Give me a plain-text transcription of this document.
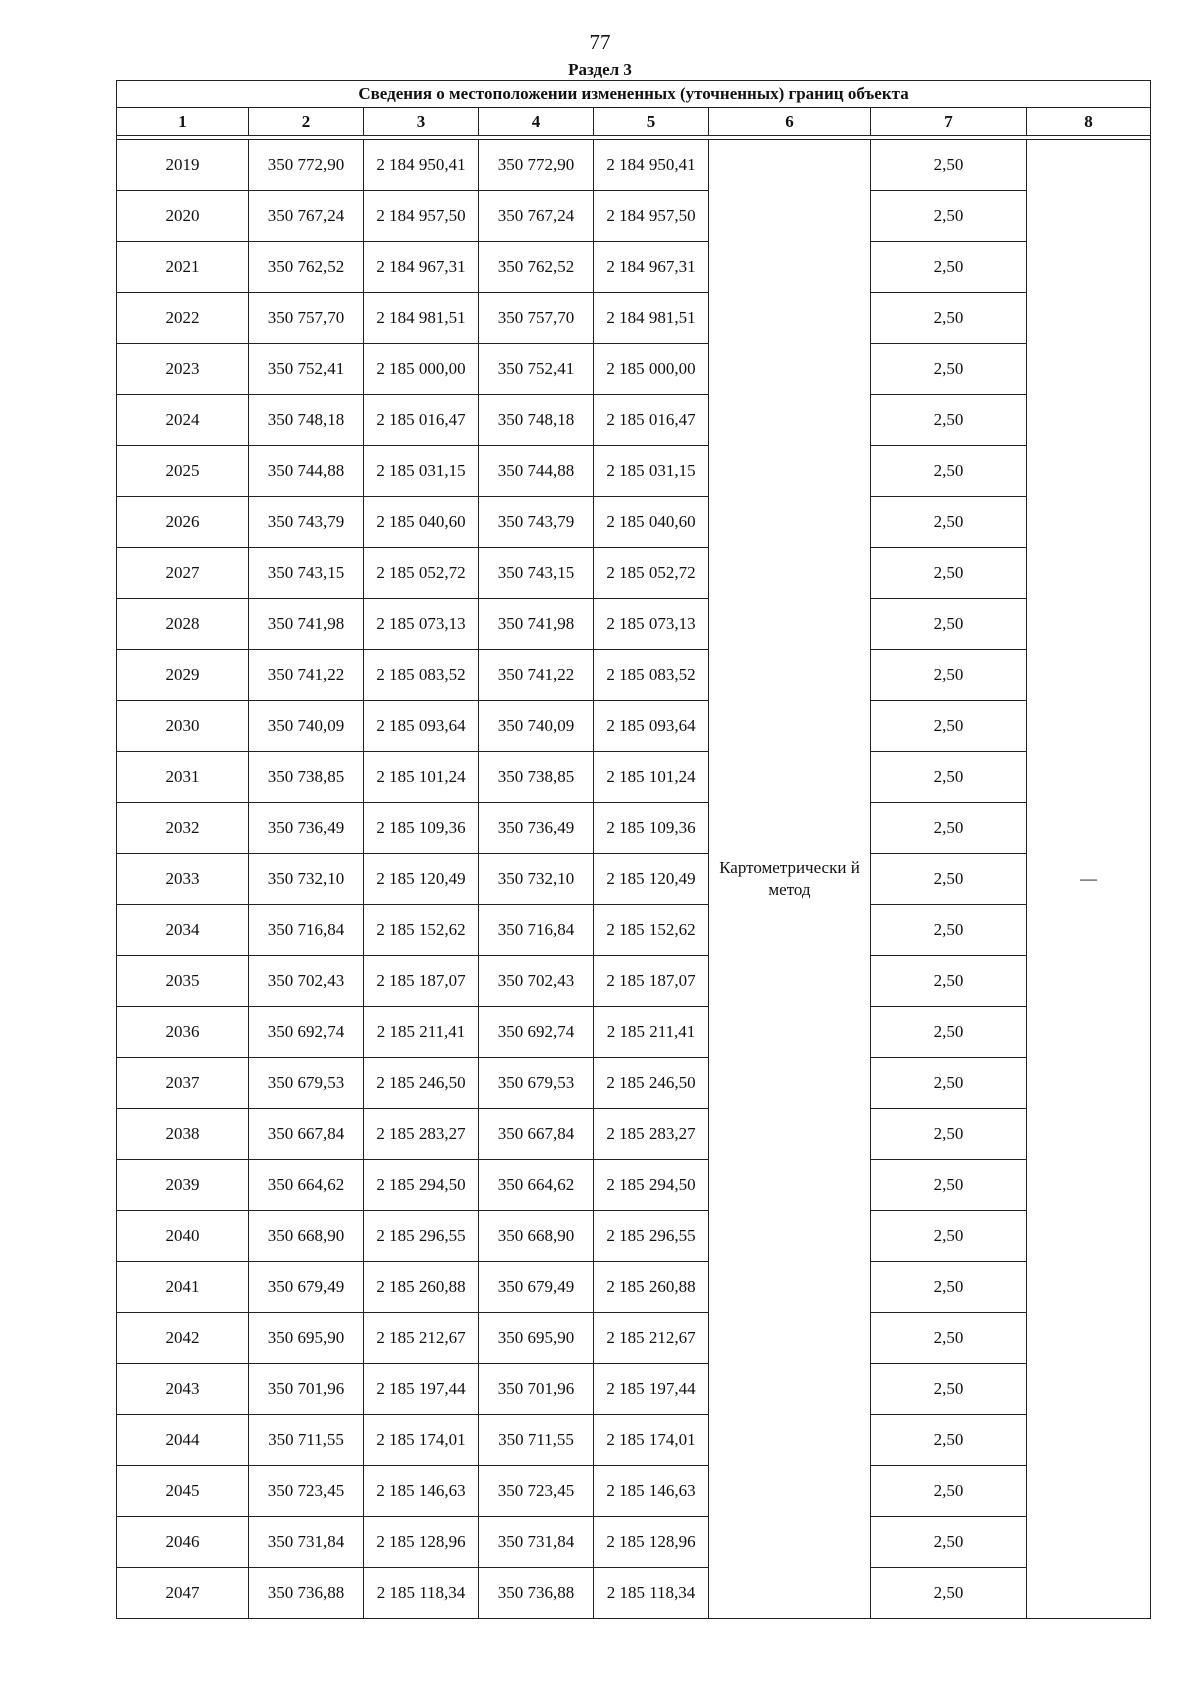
77
Раздел 3
Сведения о местоположении измененных (уточненных) границ объекта							
1	2	3	4	5	6	7	8

2019	350 772,90	2 184 950,41	350 772,90	2 184 950,41	Картометрически й метод	2,50	—
2020	350 767,24	2 184 957,50	350 767,24	2 184 957,50		2,50	
2021	350 762,52	2 184 967,31	350 762,52	2 184 967,31		2,50	
2022	350 757,70	2 184 981,51	350 757,70	2 184 981,51		2,50	
2023	350 752,41	2 185 000,00	350 752,41	2 185 000,00		2,50	
2024	350 748,18	2 185 016,47	350 748,18	2 185 016,47		2,50	
2025	350 744,88	2 185 031,15	350 744,88	2 185 031,15		2,50	
2026	350 743,79	2 185 040,60	350 743,79	2 185 040,60		2,50	
2027	350 743,15	2 185 052,72	350 743,15	2 185 052,72		2,50	
2028	350 741,98	2 185 073,13	350 741,98	2 185 073,13		2,50	
2029	350 741,22	2 185 083,52	350 741,22	2 185 083,52		2,50	
2030	350 740,09	2 185 093,64	350 740,09	2 185 093,64		2,50	
2031	350 738,85	2 185 101,24	350 738,85	2 185 101,24		2,50	
2032	350 736,49	2 185 109,36	350 736,49	2 185 109,36		2,50	
2033	350 732,10	2 185 120,49	350 732,10	2 185 120,49		2,50	
2034	350 716,84	2 185 152,62	350 716,84	2 185 152,62		2,50	
2035	350 702,43	2 185 187,07	350 702,43	2 185 187,07		2,50	
2036	350 692,74	2 185 211,41	350 692,74	2 185 211,41		2,50	
2037	350 679,53	2 185 246,50	350 679,53	2 185 246,50		2,50	
2038	350 667,84	2 185 283,27	350 667,84	2 185 283,27		2,50	
2039	350 664,62	2 185 294,50	350 664,62	2 185 294,50		2,50	
2040	350 668,90	2 185 296,55	350 668,90	2 185 296,55		2,50	
2041	350 679,49	2 185 260,88	350 679,49	2 185 260,88		2,50	
2042	350 695,90	2 185 212,67	350 695,90	2 185 212,67		2,50	
2043	350 701,96	2 185 197,44	350 701,96	2 185 197,44		2,50	
2044	350 711,55	2 185 174,01	350 711,55	2 185 174,01		2,50	
2045	350 723,45	2 185 146,63	350 723,45	2 185 146,63		2,50	
2046	350 731,84	2 185 128,96	350 731,84	2 185 128,96		2,50	
2047	350 736,88	2 185 118,34	350 736,88	2 185 118,34		2,50	
